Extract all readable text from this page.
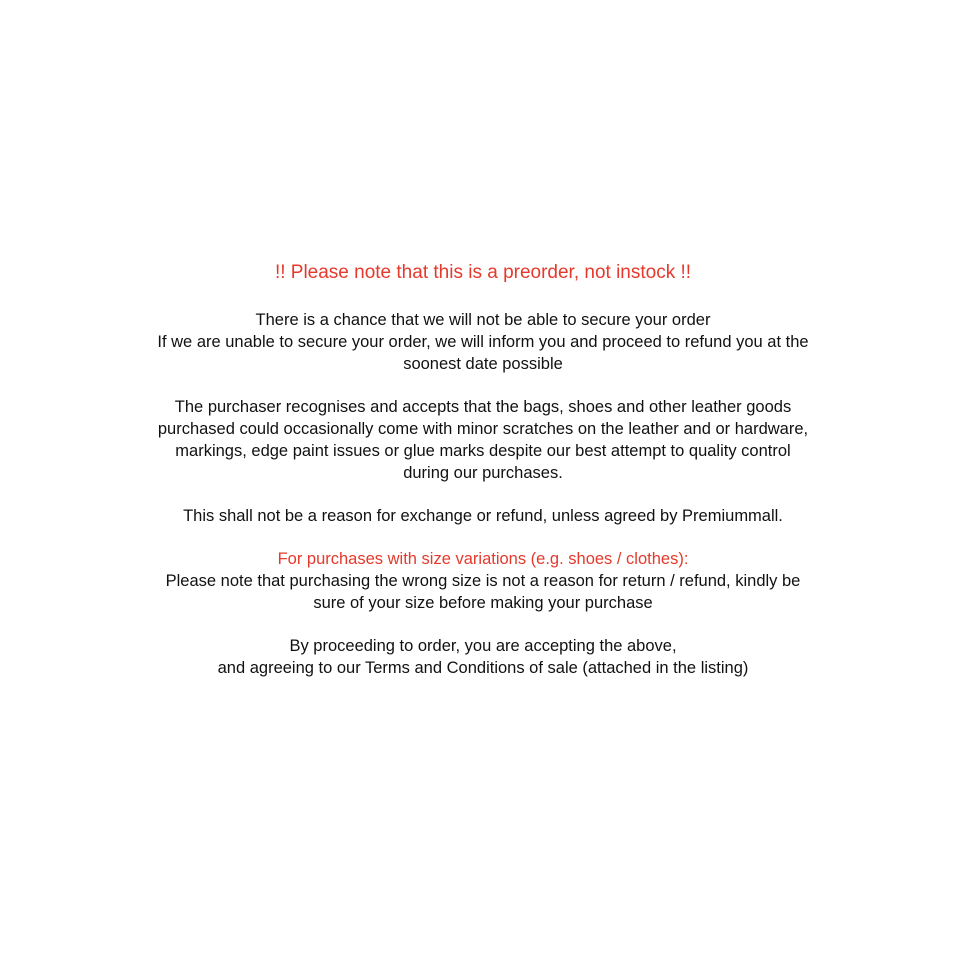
!! Please note that this is a preorder, not instock !!
There is a chance that we will not be able to secure your order
If we are unable to secure your order, we will inform you and proceed to refund you at the
soonest date possible
The purchaser recognises and accepts that the bags, shoes and other leather goods
purchased could occasionally come with minor scratches on the leather and or hardware,
markings, edge paint issues or glue marks despite our best attempt to quality control
during our purchases.
This shall not be a reason for exchange or refund, unless agreed by Premiummall.
For purchases with size variations (e.g. shoes / clothes):
Please note that purchasing the wrong size is not a reason for return / refund, kindly be
sure of your size before making your purchase
By proceeding to order, you are accepting the above,
and agreeing to our Terms and Conditions of sale (attached in the listing)
